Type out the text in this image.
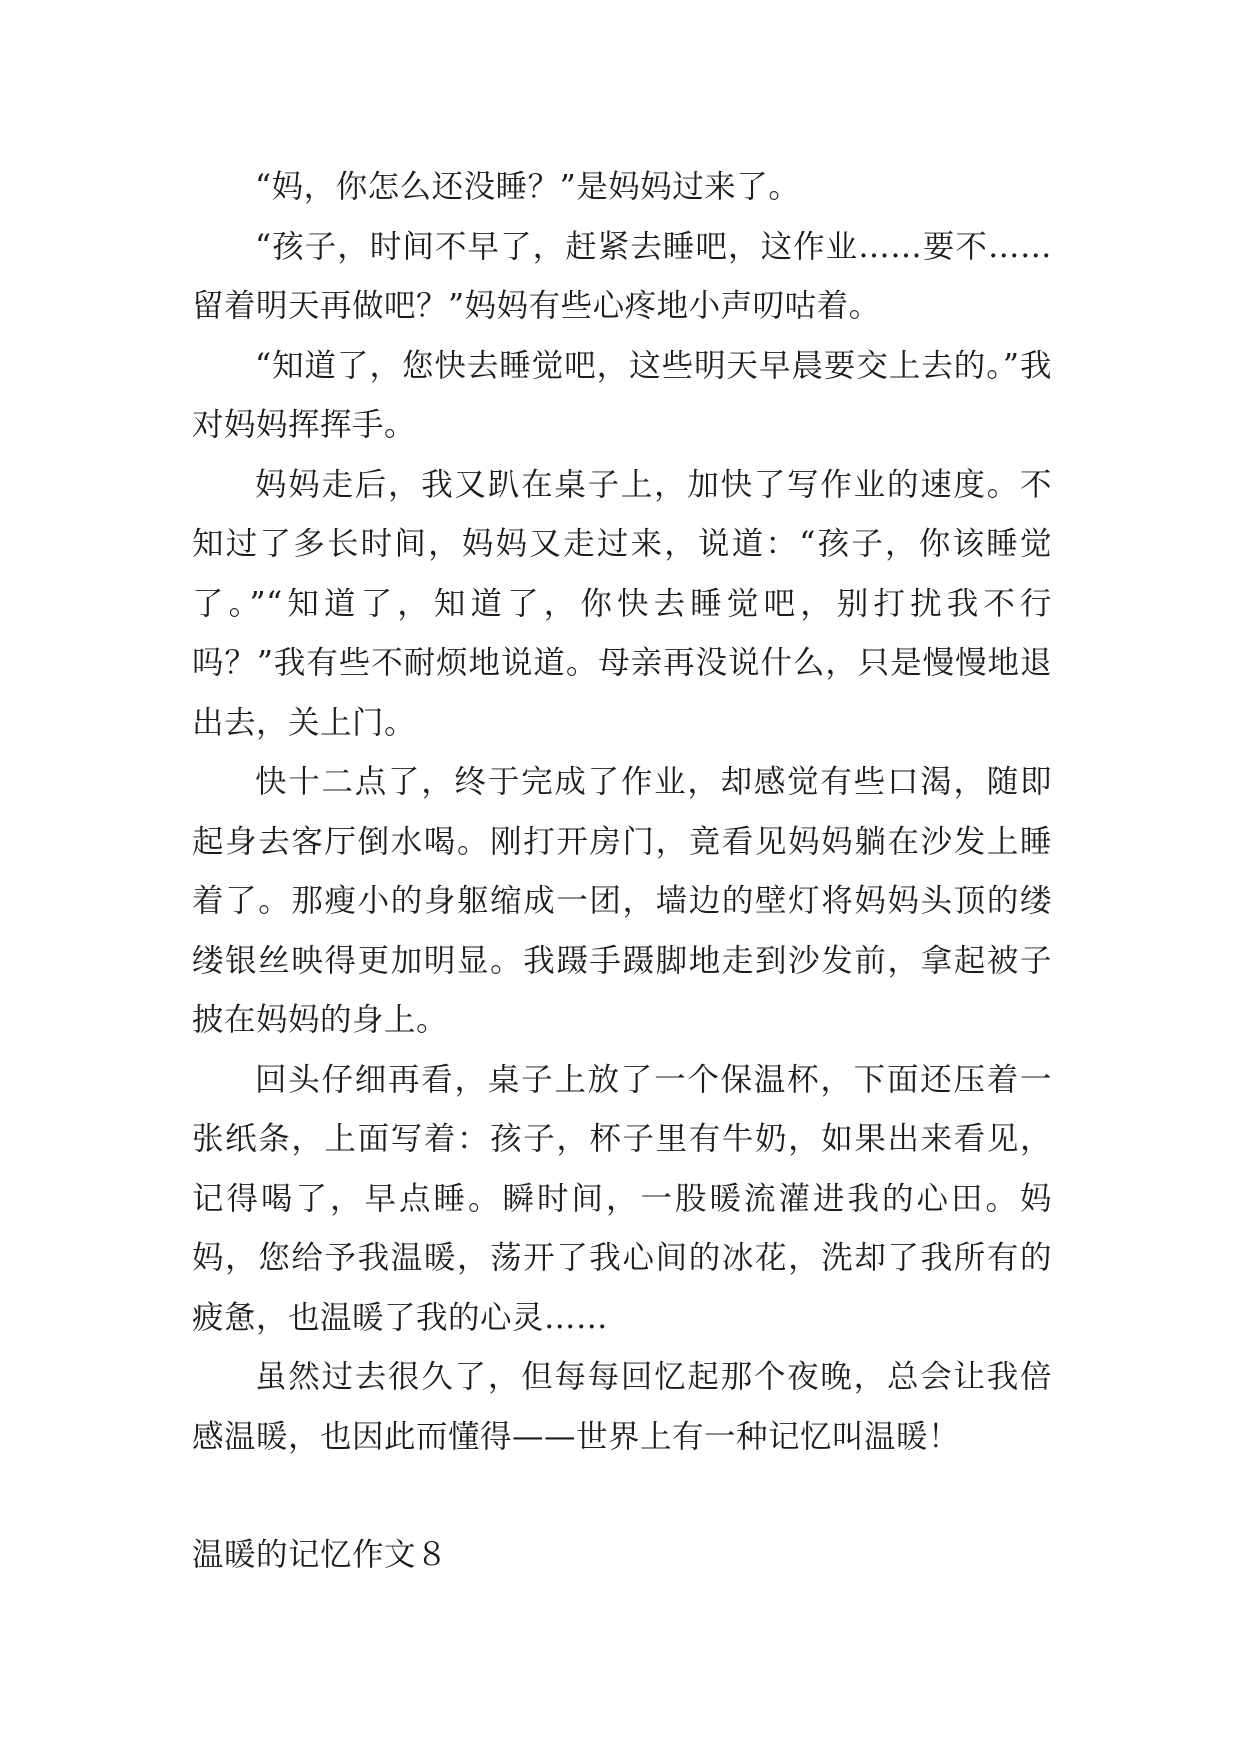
“妈，你怎么还没睡？”是妈妈过来了。

“孩子，时间不早了，赶紧去睡吧，这作业……要不……留着明天再做吧？”妈妈有些心疼地小声叨咕着。

“知道了，您快去睡觉吧，这些明天早晨要交上去的。”我对妈妈挥挥手。

妈妈走后，我又趴在桌子上，加快了写作业的速度。不知过了多长时间，妈妈又走过来，说道：“孩子，你该睡觉了。”“知道了，知道了，你快去睡觉吧，别打扰我不行吗？”我有些不耐烦地说道。母亲再没说什么，只是慢慢地退出去，关上门。

快十二点了，终于完成了作业，却感觉有些口渴，随即起身去客厅倒水喝。刚打开房门，竟看见妈妈躺在沙发上睡着了。那瘦小的身躯缩成一团，墙边的壁灯将妈妈头顶的缕缕银丝映得更加明显。我蹑手蹑脚地走到沙发前，拿起被子披在妈妈的身上。

回头仔细再看，桌子上放了一个保温杯，下面还压着一张纸条，上面写着：孩子，杯子里有牛奶，如果出来看见，记得喝了，早点睡。瞬时间，一股暖流灌进我的心田。妈妈，您给予我温暖，荡开了我心间的冰花，洗却了我所有的疲惫，也温暖了我的心灵……

虽然过去很久了，但每每回忆起那个夜晚，总会让我倍感温暖，也因此而懂得——世界上有一种记忆叫温暖！

温暖的记忆作文８
